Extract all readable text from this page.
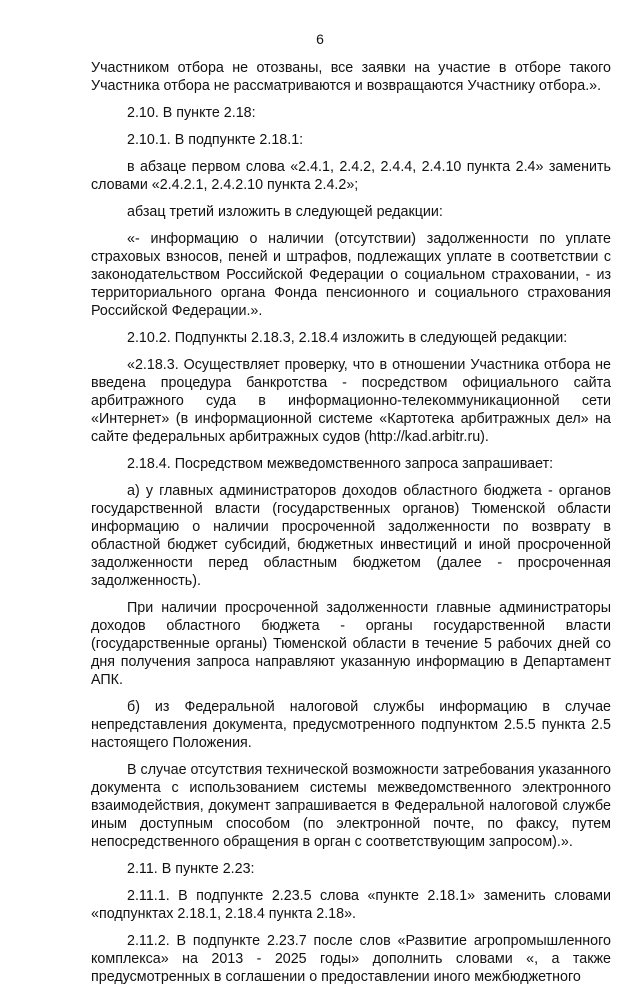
6

Участником отбора не отозваны, все заявки на участие в отборе такого Участника отбора не рассматриваются и возвращаются Участнику отбора.».

2.10. В пункте 2.18:

2.10.1. В подпункте 2.18.1:

в абзаце первом слова «2.4.1, 2.4.2, 2.4.4, 2.4.10 пункта 2.4» заменить словами «2.4.2.1, 2.4.2.10 пункта 2.4.2»;

абзац третий изложить в следующей редакции:

«- информацию о наличии (отсутствии) задолженности по уплате страховых взносов, пеней и штрафов, подлежащих уплате в соответствии с законодательством Российской Федерации о социальном страховании, - из территориального органа Фонда пенсионного и социального страхования Российской Федерации.».

2.10.2. Подпункты 2.18.3, 2.18.4 изложить в следующей редакции:

«2.18.3. Осуществляет проверку, что в отношении Участника отбора не введена процедура банкротства - посредством официального сайта арбитражного суда в информационно-телекоммуникационной сети «Интернет» (в информационной системе «Картотека арбитражных дел» на сайте федеральных арбитражных судов (http://kad.arbitr.ru).

2.18.4. Посредством межведомственного запроса запрашивает:

а) у главных администраторов доходов областного бюджета - органов государственной власти (государственных органов) Тюменской области информацию о наличии просроченной задолженности по возврату в областной бюджет субсидий, бюджетных инвестиций и иной просроченной задолженности перед областным бюджетом (далее - просроченная задолженность).

При наличии просроченной задолженности главные администраторы доходов областного бюджета - органы государственной власти (государственные органы) Тюменской области в течение 5 рабочих дней со дня получения запроса направляют указанную информацию в Департамент АПК.

б) из Федеральной налоговой службы информацию в случае непредставления документа, предусмотренного подпунктом 2.5.5 пункта 2.5 настоящего Положения.

В случае отсутствия технической возможности затребования указанного документа с использованием системы межведомственного электронного взаимодействия, документ запрашивается в Федеральной налоговой службе иным доступным способом (по электронной почте, по факсу, путем непосредственного обращения в орган с соответствующим запросом).».

2.11. В пункте 2.23:

2.11.1. В подпункте 2.23.5 слова «пункте 2.18.1» заменить словами «подпунктах 2.18.1, 2.18.4 пункта 2.18».

2.11.2. В подпункте 2.23.7 после слов «Развитие агропромышленного комплекса» на 2013 - 2025 годы» дополнить словами «, а также предусмотренных в соглашении о предоставлении иного межбюджетного
